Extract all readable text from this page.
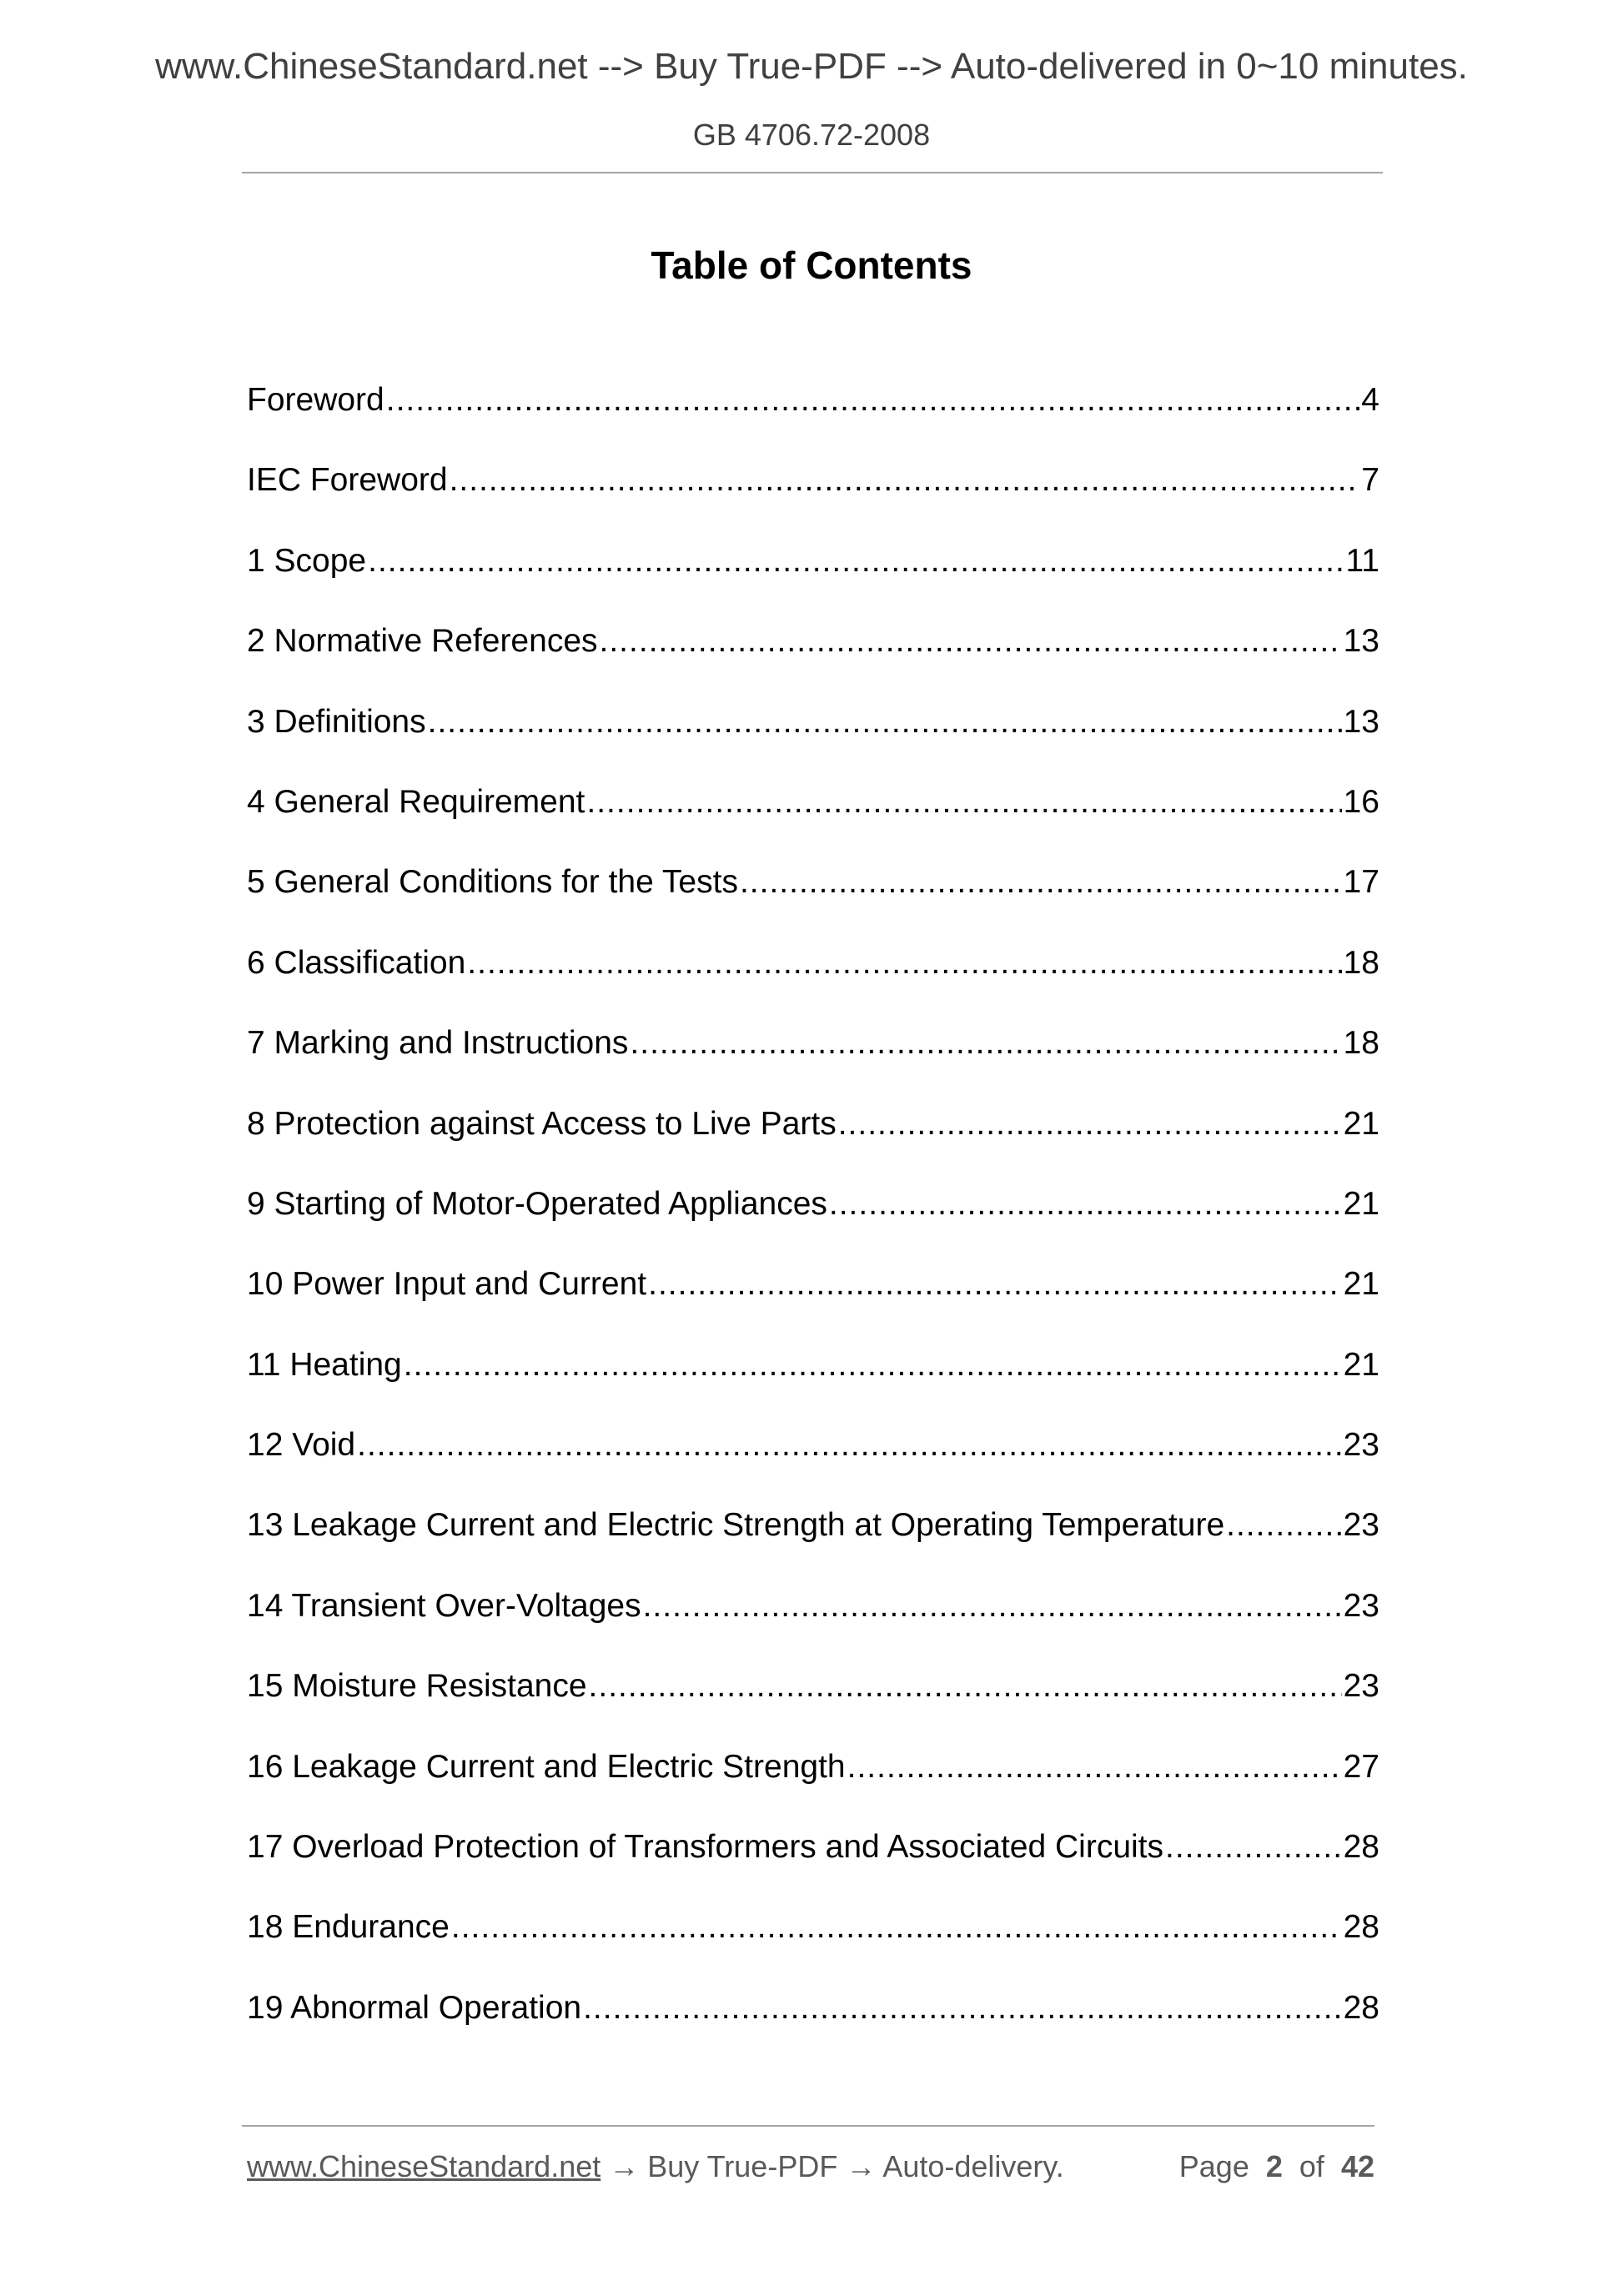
www.ChineseStandard.net --> Buy True-PDF --> Auto-delivered in 0~10 minutes.
GB 4706.72-2008
Table of Contents
Foreword .....	4
IEC Foreword .....	7
1 Scope .....	11
2 Normative References .....	13
3 Definitions .....	13
4 General Requirement .....	16
5 General Conditions for the Tests .....	17
6 Classification .....	18
7 Marking and Instructions .....	18
8 Protection against Access to Live Parts .....	21
9 Starting of Motor-Operated Appliances .....	21
10 Power Input and Current .....	21
11 Heating .....	21
12 Void .....	23
13 Leakage Current and Electric Strength at Operating Temperature .....	23
14 Transient Over-Voltages .....	23
15 Moisture Resistance .....	23
16 Leakage Current and Electric Strength .....	27
17 Overload Protection of Transformers and Associated Circuits .....	28
18 Endurance .....	28
19 Abnormal Operation .....	28
www.ChineseStandard.net → Buy True-PDF → Auto-delivery.	Page 2 of 42
